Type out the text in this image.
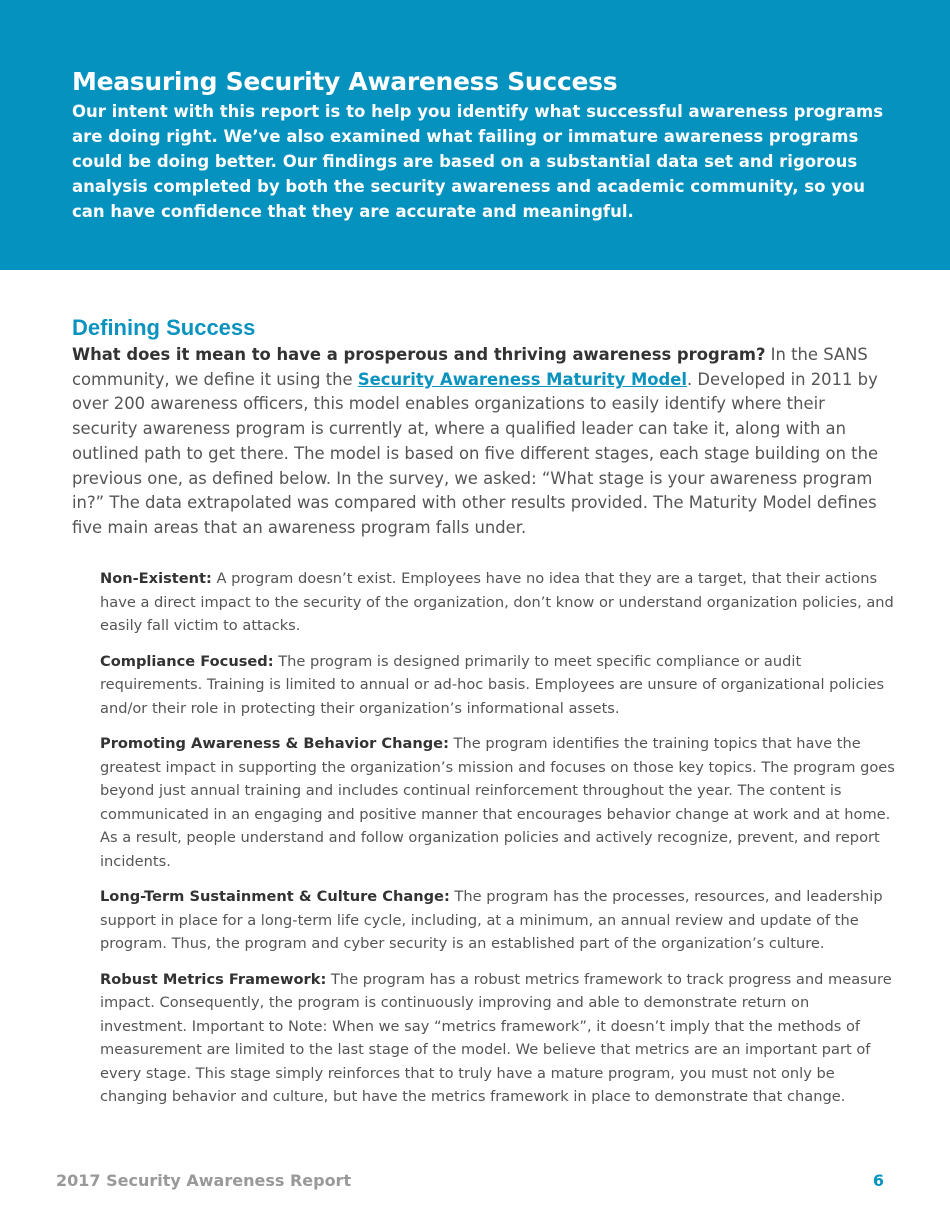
Measuring Security Awareness Success

Our intent with this report is to help you identify what successful awareness programs are doing right. We’ve also examined what failing or immature awareness programs could be doing better. Our findings are based on a substantial data set and rigorous analysis completed by both the security awareness and academic community, so you can have confidence that they are accurate and meaningful.

Defining Success

What does it mean to have a prosperous and thriving awareness program? In the SANS community, we define it using the Security Awareness Maturity Model. Developed in 2011 by over 200 awareness officers, this model enables organizations to easily identify where their security awareness program is currently at, where a qualified leader can take it, along with an outlined path to get there. The model is based on five different stages, each stage building on the previous one, as defined below. In the survey, we asked: “What stage is your awareness program in?” The data extrapolated was compared with other results provided. The Maturity Model defines five main areas that an awareness program falls under.

Non-Existent: A program doesn’t exist. Employees have no idea that they are a target, that their actions have a direct impact to the security of the organization, don’t know or understand organization policies, and easily fall victim to attacks.

Compliance Focused: The program is designed primarily to meet specific compliance or audit requirements. Training is limited to annual or ad-hoc basis. Employees are unsure of organizational policies and/or their role in protecting their organization’s informational assets.

Promoting Awareness & Behavior Change: The program identifies the training topics that have the greatest impact in supporting the organization’s mission and focuses on those key topics. The program goes beyond just annual training and includes continual reinforcement throughout the year. The content is communicated in an engaging and positive manner that encourages behavior change at work and at home. As a result, people understand and follow organization policies and actively recognize, prevent, and report incidents.

Long-Term Sustainment & Culture Change: The program has the processes, resources, and leadership support in place for a long-term life cycle, including, at a minimum, an annual review and update of the program. Thus, the program and cyber security is an established part of the organization’s culture.

Robust Metrics Framework: The program has a robust metrics framework to track progress and measure impact. Consequently, the program is continuously improving and able to demonstrate return on investment. Important to Note: When we say “metrics framework”, it doesn’t imply that the methods of measurement are limited to the last stage of the model. We believe that metrics are an important part of every stage. This stage simply reinforces that to truly have a mature program, you must not only be changing behavior and culture, but have the metrics framework in place to demonstrate that change.

2017 Security Awareness Report	6
